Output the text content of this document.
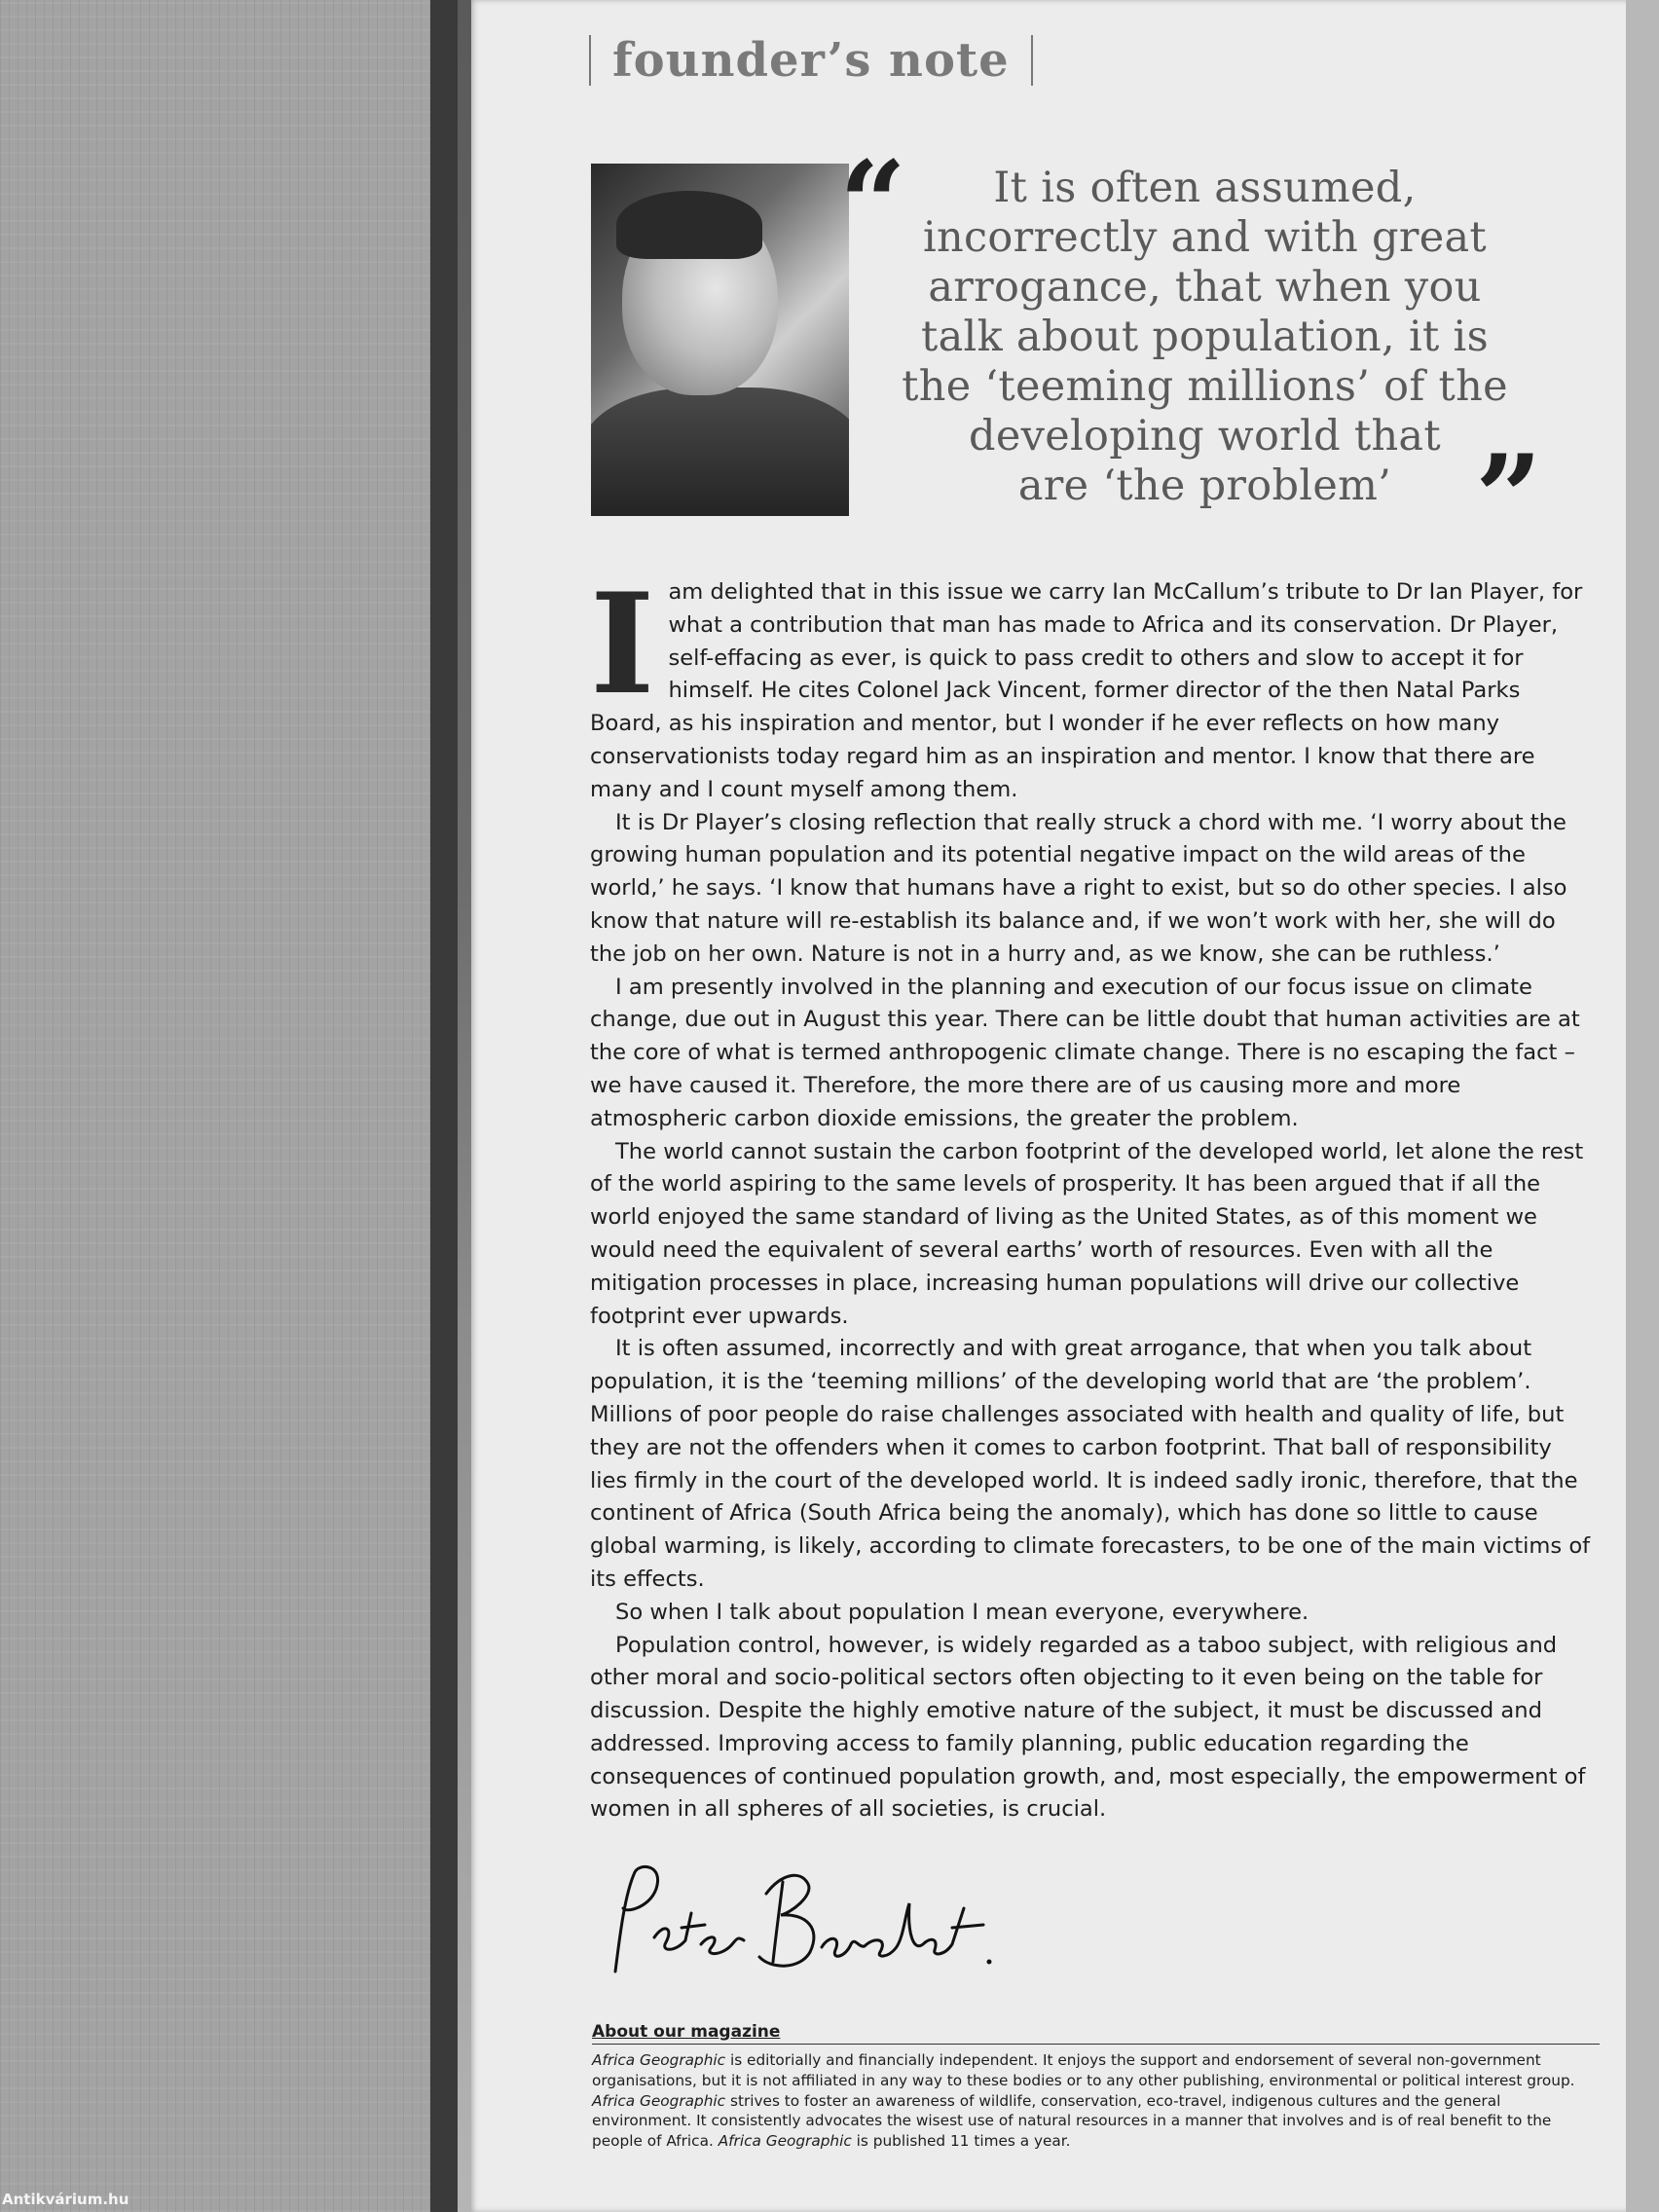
founder’s note
“	It is often assumed,
incorrectly and with great
arrogance, that when you
talk about population, it is
the ‘teeming millions’ of the
developing world that
are ‘the problem’ ”

Iam delighted that in this issue we carry Ian McCallum’s tribute to Dr Ian Player, for what a contribution that man has made to Africa and its conservation. Dr Player, self-effacing as ever, is quick to pass credit to others and slow to accept it for himself. He cites Colonel Jack Vincent, former director of the then Natal Parks Board, as his inspiration and mentor, but I wonder if he ever reflects on how many conservationists today regard him as an inspiration and mentor. I know that there are many and I count myself among them.

It is Dr Player’s closing reflection that really struck a chord with me. ‘I worry about the growing human population and its potential negative impact on the wild areas of the world,’ he says. ‘I know that humans have a right to exist, but so do other species. I also know that nature will re-establish its balance and, if we won’t work with her, she will do the job on her own. Nature is not in a hurry and, as we know, she can be ruthless.’

I am presently involved in the planning and execution of our focus issue on climate change, due out in August this year. There can be little doubt that human activities are at the core of what is termed anthropogenic climate change. There is no escaping the fact – we have caused it. Therefore, the more there are of us causing more and more atmospheric carbon dioxide emissions, the greater the problem.

The world cannot sustain the carbon footprint of the developed world, let alone the rest of the world aspiring to the same levels of prosperity. It has been argued that if all the world enjoyed the same standard of living as the United States, as of this moment we would need the equivalent of several earths’ worth of resources. Even with all the mitigation processes in place, increasing human populations will drive our collective footprint ever upwards.

It is often assumed, incorrectly and with great arrogance, that when you talk about population, it is the ‘teeming millions’ of the developing world that are ‘the problem’. Millions of poor people do raise challenges associated with health and quality of life, but they are not the offenders when it comes to carbon footprint. That ball of responsibility lies firmly in the court of the developed world. It is indeed sadly ironic, therefore, that the continent of Africa (South Africa being the anomaly), which has done so little to cause global warming, is likely, according to climate forecasters, to be one of the main victims of its effects.

So when I talk about population I mean everyone, everywhere.

Population control, however, is widely regarded as a taboo subject, with religious and other moral and socio-political sectors often objecting to it even being on the table for discussion. Despite the highly emotive nature of the subject, it must be discussed and addressed. Improving access to family planning, public education regarding the consequences of continued population growth, and, most especially, the empowerment of women in all spheres of all societies, is crucial.

About our magazine
Africa Geographic is editorially and financially independent. It enjoys the support and endorsement of several non-government organisations, but it is not affiliated in any way to these bodies or to any other publishing, environmental or political interest group. Africa Geographic strives to foster an awareness of wildlife, conservation, eco-travel, indigenous cultures and the general environment. It consistently advocates the wisest use of natural resources in a manner that involves and is of real benefit to the people of Africa. Africa Geographic is published 11 times a year.
Antikvárium.hu
